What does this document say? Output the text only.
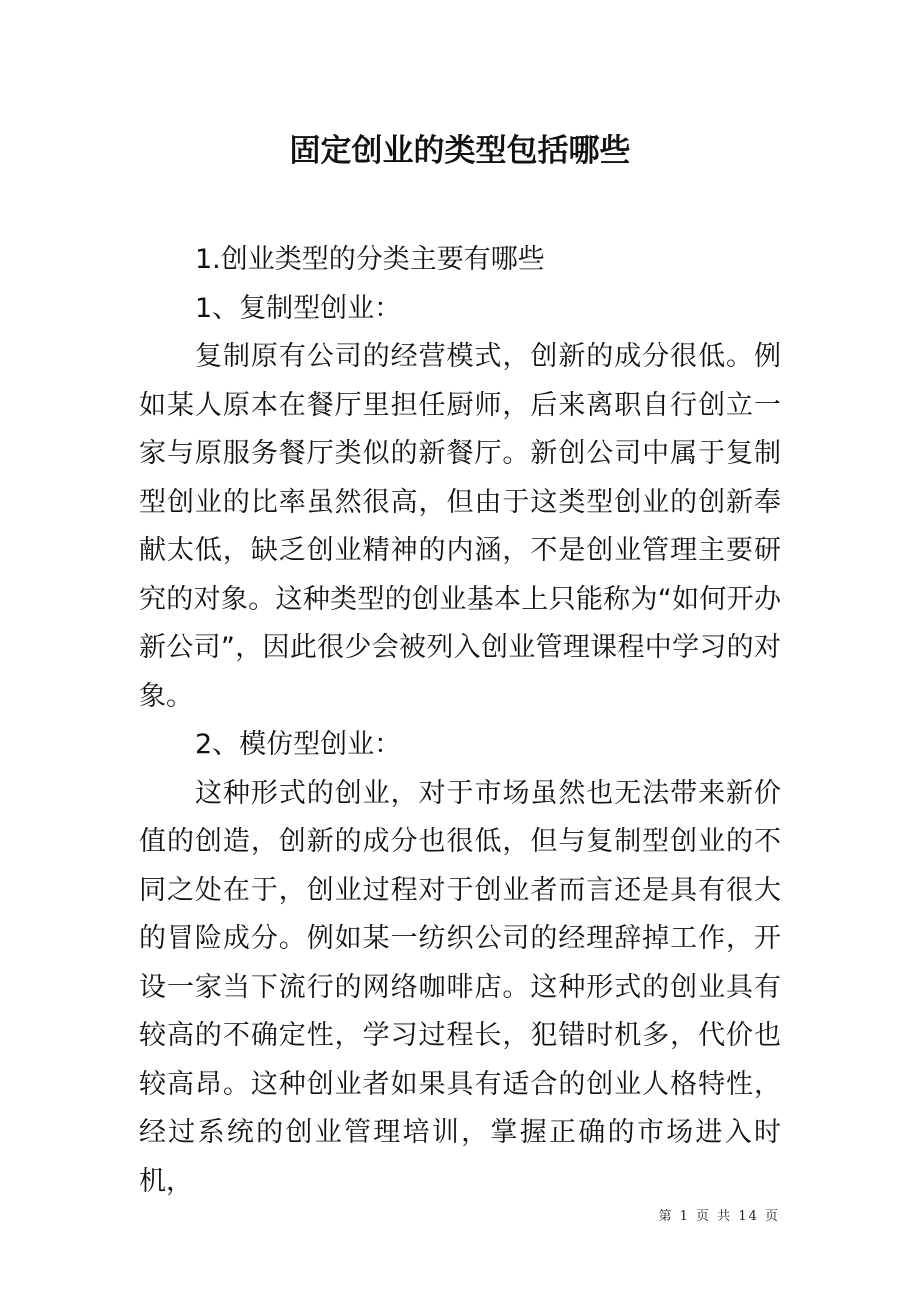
固定创业的类型包括哪些

1.创业类型的分类主要有哪些

1、复制型创业：

复制原有公司的经营模式，创新的成分很低。例如某人原本在餐厅里担任厨师，后来离职自行创立一家与原服务餐厅类似的新餐厅。新创公司中属于复制型创业的比率虽然很高，但由于这类型创业的创新奉献太低，缺乏创业精神的内涵，不是创业管理主要研究的对象。这种类型的创业基本上只能称为“如何开办新公司”，因此很少会被列入创业管理课程中学习的对象。

2、模仿型创业：

这种形式的创业，对于市场虽然也无法带来新价值的创造，创新的成分也很低，但与复制型创业的不同之处在于，创业过程对于创业者而言还是具有很大的冒险成分。例如某一纺织公司的经理辞掉工作，开设一家当下流行的网络咖啡店。这种形式的创业具有较高的不确定性，学习过程长，犯错时机多，代价也较高昂。这种创业者如果具有适合的创业人格特性，经过系统的创业管理培训，掌握正确的市场进入时机，

第 1 页 共 14 页
